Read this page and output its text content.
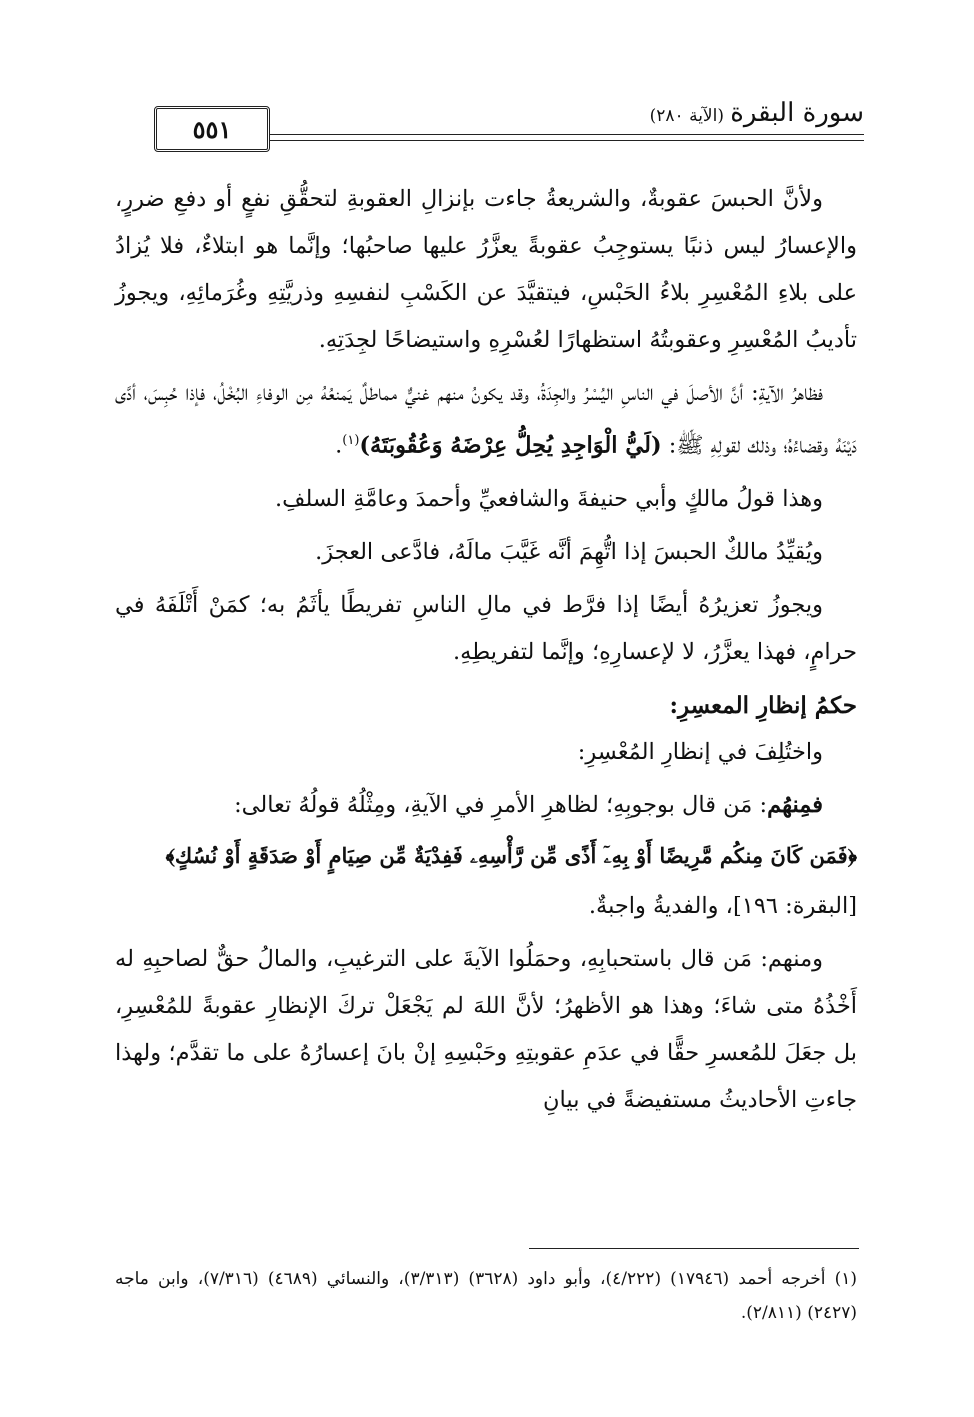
سورة البقرة
(الآية ٢٨٠)
٥٥١

ولأنَّ الحبسَ عقوبةٌ، والشريعةُ جاءت بإنزالِ العقوبةِ لتحقُّقِ نفعٍ أو دفعِ ضررٍ، والإعسارُ ليس ذنبًا يستوجِبُ عقوبةً يعزَّرُ عليها صاحبُها؛ وإنَّما هو ابتلاءٌ، فلا يُزادُ على بلاءِ المُعْسِرِ بلاءُ الحَبْسِ، فيتقيَّدَ عن الكَسْبِ لنفسِهِ وذريَّتِهِ وغُرَمائِهِ، ويجوزُ تأديبُ المُعْسِرِ وعقوبتُهُ استظهارًا لعُسْرِهِ واستيضاحًا لجِدَتِهِ.

فظاهرُ الآيةِ: أنَّ الأصلَ في الناسِ اليُسْرُ والجِدَةُ، وقد يكونُ منهم غنيٌّ مماطلٌ يَمنعُهُ مِن الوفاءِ البُخْلُ، فإذا حُبِسَ، أدَّى دَيْنَهُ وقضاءُهُ؛ وذلك لقولِهِ ﷺ: (لَيُّ الْوَاجِدِ يُحِلُّ عِرْضَهُ وَعُقُوبَتَهُ)$^{(١)}$.

وهذا قولُ مالكٍ وأبي حنيفةَ والشافعيِّ وأحمدَ وعامَّةِ السلفِ.

ويُقيِّدُ مالكٌ الحبسَ إذا اتُّهِمَ أنَّه غَيَّبَ مالَهُ، فادَّعى العجزَ.

ويجوزُ تعزيرُهُ أيضًا إذا فرَّط في مالِ الناسِ تفريطًا يأثَمُ به؛ كمَنْ أَتْلَفَهُ في حرامٍ، فهذا يعزَّرُ، لا لإعسارِهِ؛ وإنَّما لتفريطِهِ.

حكمُ إنظارِ المعسِرِ:

واختُلِفَ في إنظارِ المُعْسِرِ:

فمِنهُم: مَن قال بوجوبِهِ؛ لظاهرِ الأمرِ في الآيةِ، ومِثْلُهُ قولُهُ تعالى:

﴿فَمَن كَانَ مِنكُم مَّرِيضًا أَوْ بِهِۦٓ أَذًى مِّن رَّأْسِهِۦ فَفِدْيَةٌ مِّن صِيَامٍ أَوْ صَدَقَةٍ أَوْ نُسُكٍ﴾

[البقرة: ١٩٦]، والفديةُ واجبةٌ.

ومنهم: مَن قال باستحبابِهِ، وحمَلُوا الآيةَ على الترغيبِ، والمالُ حقٌّ لصاحبِهِ له أَخْذُهُ متى شاءَ؛ وهذا هو الأظهرُ؛ لأنَّ اللهَ لم يَجْعَلْ تركَ الإنظارِ عقوبةً للمُعْسِرِ، بل جعَلَ للمُعسرِ حقًّا في عدَمِ عقوبتِهِ وحَبْسِهِ إنْ بانَ إعسارُهُ على ما تقدَّم؛ ولهذا جاءتِ الأحاديثُ مستفيضةً في بيانِ

(١) أخرجه أحمد (١٧٩٤٦) (٤/٢٢٢)، وأبو داود (٣٦٢٨) (٣/٣١٣)، والنسائي (٤٦٨٩) (٧/٣١٦)، وابن ماجه (٢٤٢٧) (٢/٨١١).
